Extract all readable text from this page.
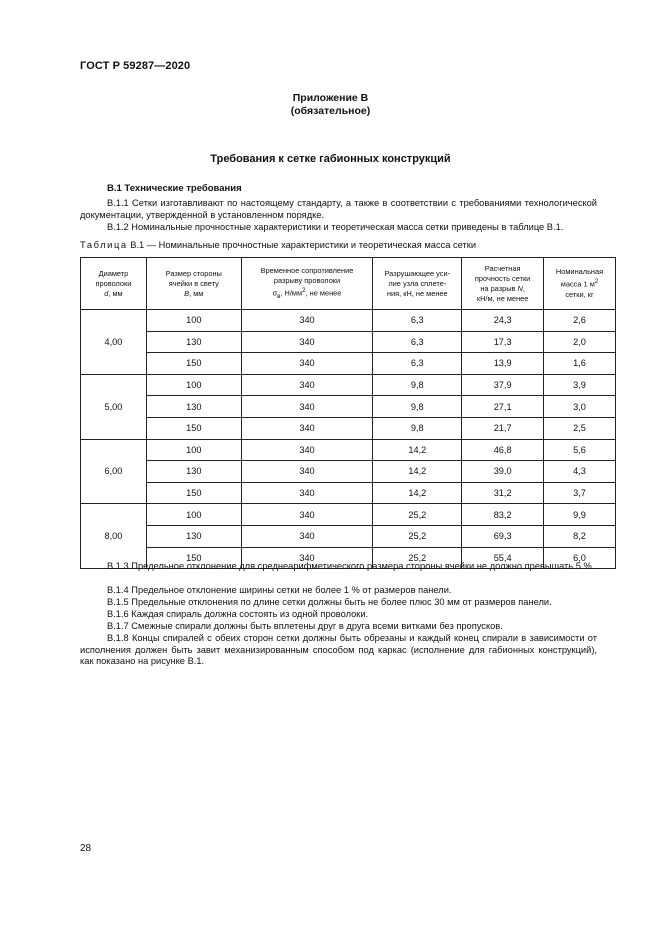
ГОСТ Р 59287—2020
Приложение В
(обязательное)
Требования к сетке габионных конструкций
В.1 Технические требования
В.1.1 Сетки изготавливают по настоящему стандарту, а также в соответствии с требованиями технологической документации, утвержденной в установленном порядке.
В.1.2 Номинальные прочностные характеристики и теоретическая масса сетки приведены в таблице В.1.
Таблица В.1 — Номинальные прочностные характеристики и теоретическая масса сетки
Диаметр
проволоки
d, мм	Размер стороны
ячейки в свету
B, мм	Временное сопротивление
разрыву проволоки
$\sigma_в$, $Н/мм^2$, не менее	Разрушающее уси-
лие узла сплете-
ния, кН, не менее	Расчетная
прочность сетки
на разрыв N,
кН/м, не менее	Номинальная
масса 1 $м^2$
сетки, кг
4,00	100	340	6,3	24,3	2,6
	130	340	6,3	17,3	2,0
	150	340	6,3	13,9	1,6
5,00	100	340	9,8	37,9	3,9
	130	340	9,8	27,1	3,0
	150	340	9,8	21,7	2,5
6,00	100	340	14,2	46,8	5,6
	130	340	14,2	39,0	4,3
	150	340	14,2	31,2	3,7
8,00	100	340	25,2	83,2	9,9
	130	340	25,2	69,3	8,2
	150	340	25,2	55,4	6,0
В.1.3 Предельное отклонение для среднеарифметического размера стороны ячейки не должно превышать 5 %.
В.1.4 Предельное отклонение ширины сетки не более 1 % от размеров панели.
В.1.5 Предельные отклонения по длине сетки должны быть не более плюс 30 мм от размеров панели.
В.1.6 Каждая спираль должна состоять из одной проволоки.
В.1.7 Смежные спирали должны быть вплетены друг в друга всеми витками без пропусков.
В.1.8 Концы спиралей с обеих сторон сетки должны быть обрезаны и каждый конец спирали в зависимости от исполнения должен быть завит механизированным способом под каркас (исполнение для габионных конструкций), как показано на рисунке В.1.
28
